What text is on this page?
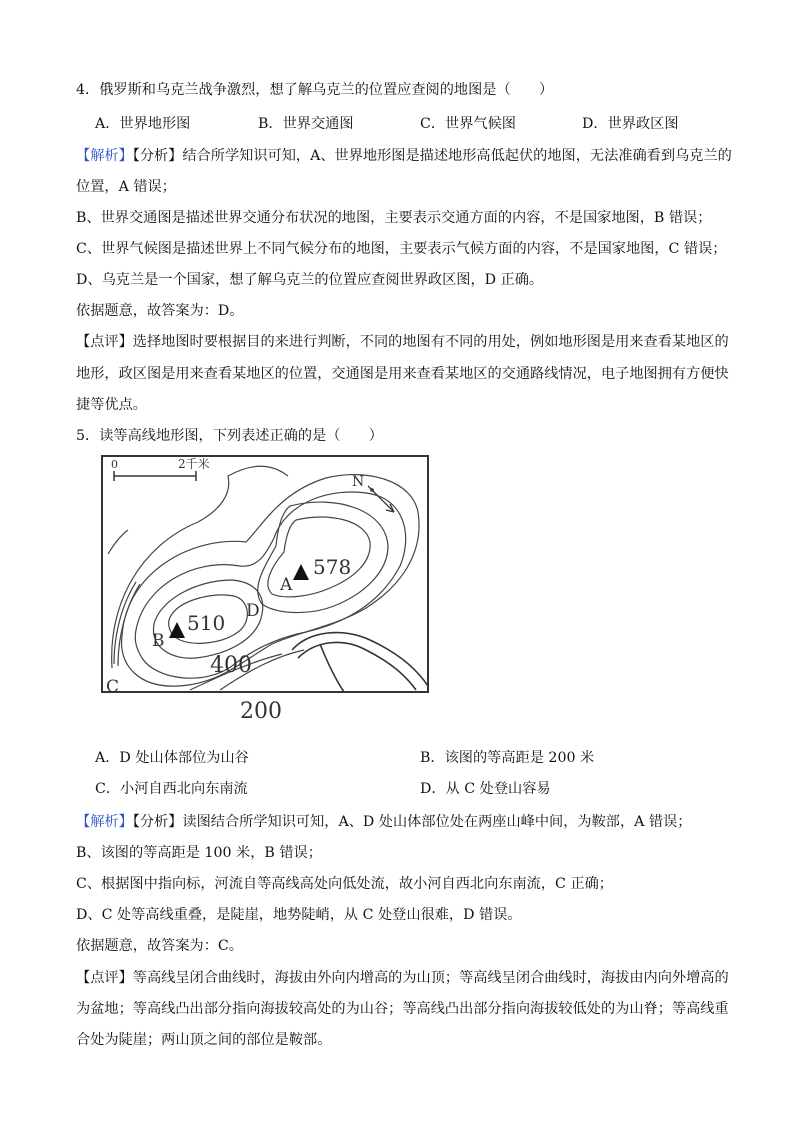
4．俄罗斯和乌克兰战争激烈，想了解乌克兰的位置应查阅的地图是（　　）
A．世界地形图	B．世界交通图	C．世界气候图	D．世界政区图
【解析】【分析】结合所学知识可知，A、世界地形图是描述地形高低起伏的地图，无法准确看到乌克兰的
位置，A 错误；
B、世界交通图是描述世界交通分布状况的地图，主要表示交通方面的内容，不是国家地图，B 错误；
C、世界气候图是描述世界上不同气候分布的地图，主要表示气候方面的内容，不是国家地图，C 错误；
D、乌克兰是一个国家，想了解乌克兰的位置应查阅世界政区图，D 正确。
依据题意，故答案为：D。
【点评】选择地图时要根据目的来进行判断，不同的地图有不同的用处，例如地形图是用来查看某地区的
地形，政区图是用来查看某地区的位置，交通图是用来查看某地区的交通路线情况，电子地图拥有方便快
捷等优点。
5．读等高线地形图，下列表述正确的是（　　）
0	2千米
N
578
A
510
B
D
C
400
200
A．D 处山体部位为山谷	B．该图的等高距是 200 米
C．小河自西北向东南流	D．从 C 处登山容易
【解析】【分析】读图结合所学知识可知，A、D 处山体部位处在两座山峰中间，为鞍部，A 错误；
B、该图的等高距是 100 米，B 错误；
C、根据图中指向标，河流自等高线高处向低处流，故小河自西北向东南流，C 正确；
D、C 处等高线重叠，是陡崖，地势陡峭，从 C 处登山很难，D 错误。
依据题意，故答案为：C。
【点评】等高线呈闭合曲线时，海拔由外向内增高的为山顶；等高线呈闭合曲线时，海拔由内向外增高的
为盆地；等高线凸出部分指向海拔较高处的为山谷；等高线凸出部分指向海拔较低处的为山脊；等高线重
合处为陡崖；两山顶之间的部位是鞍部。
